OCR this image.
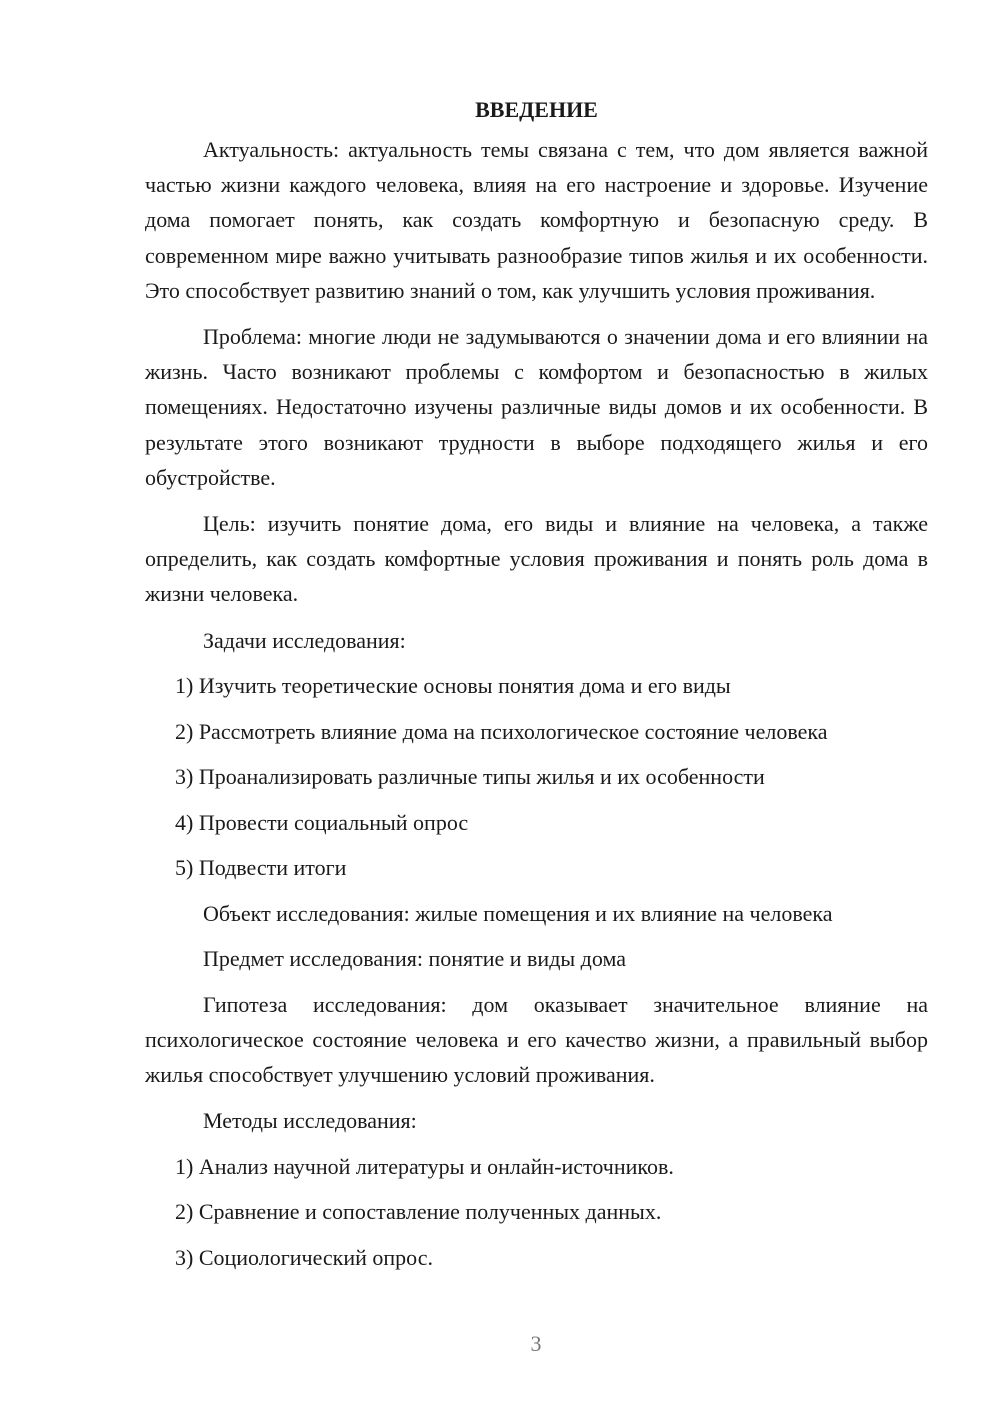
ВВЕДЕНИЕ

Актуальность: актуальность темы связана с тем, что дом является важной частью жизни каждого человека, влияя на его настроение и здоровье. Изучение дома помогает понять, как создать комфортную и безопасную среду. В современном мире важно учитывать разнообразие типов жилья и их особенности. Это способствует развитию знаний о том, как улучшить условия проживания.

Проблема: многие люди не задумываются о значении дома и его влиянии на жизнь. Часто возникают проблемы с комфортом и безопасностью в жилых помещениях. Недостаточно изучены различные виды домов и их особенности. В результате этого возникают трудности в выборе подходящего жилья и его обустройстве.

Цель: изучить понятие дома, его виды и влияние на человека, а также определить, как создать комфортные условия проживания и понять роль дома в жизни человека.

Задачи исследования:
1) Изучить теоретические основы понятия дома и его виды
2) Рассмотреть влияние дома на психологическое состояние человека
3) Проанализировать различные типы жилья и их особенности
4) Провести социальный опрос
5) Подвести итоги
Объект исследования: жилые помещения и их влияние на человека
Предмет исследования: понятие и виды дома

Гипотеза исследования: дом оказывает значительное влияние на психологическое состояние человека и его качество жизни, а правильный выбор жилья способствует улучшению условий проживания.

Методы исследования:
1) Анализ научной литературы и онлайн-источников.
2) Сравнение и сопоставление полученных данных.
3) Социологический опрос.
3
